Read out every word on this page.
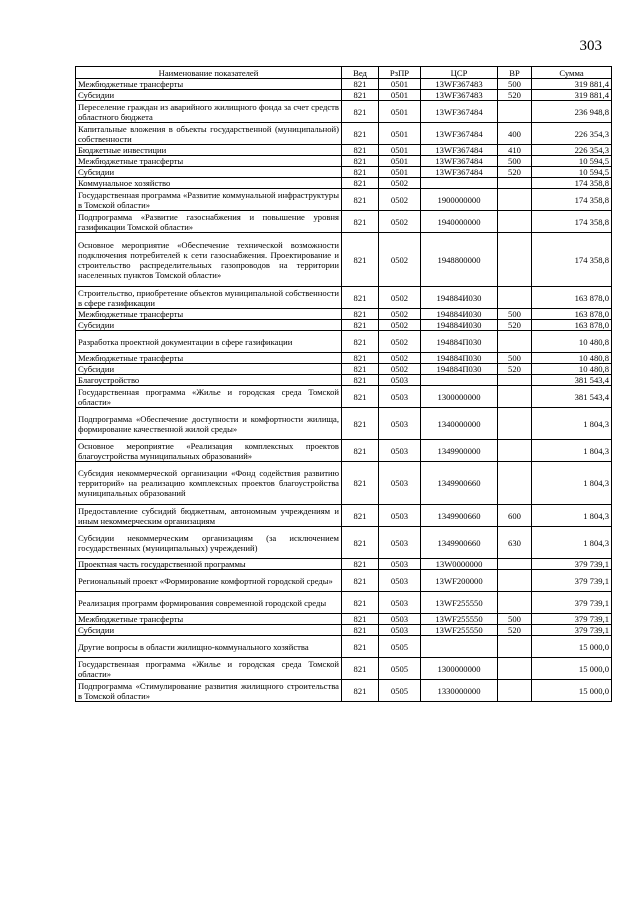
303
Наименование показателей	Вед	РзПР	ЦСР	ВР	Сумма
Межбюджетные трансферты	821	0501	13WF367483	500	319 881,4
Субсидии	821	0501	13WF367483	520	319 881,4
Переселение граждан из аварийного жилищного фонда за счет средств областного бюджета	821	0501	13WF367484		236 948,8
Капитальные вложения в объекты государственной (муниципальной) собственности	821	0501	13WF367484	400	226 354,3
Бюджетные инвестиции	821	0501	13WF367484	410	226 354,3
Межбюджетные трансферты	821	0501	13WF367484	500	10 594,5
Субсидии	821	0501	13WF367484	520	10 594,5
Коммунальное хозяйство	821	0502			174 358,8
Государственная программа «Развитие коммунальной инфраструктуры в Томской области»	821	0502	1900000000		174 358,8
Подпрограмма «Развитие газоснабжения и повышение уровня газификации Томской области»	821	0502	1940000000		174 358,8
Основное мероприятие «Обеспечение технической возможности подключения потребителей к сети газоснабжения. Проектирование и строительство распределительных газопроводов на территории населенных пунктов Томской области»	821	0502	1948800000		174 358,8
Строительство, приобретение объектов муниципальной собственности в сфере газификации	821	0502	194884И030		163 878,0
Межбюджетные трансферты	821	0502	194884И030	500	163 878,0
Субсидии	821	0502	194884И030	520	163 878,0
Разработка проектной документации в сфере газификации	821	0502	194884П030		10 480,8
Межбюджетные трансферты	821	0502	194884П030	500	10 480,8
Субсидии	821	0502	194884П030	520	10 480,8
Благоустройство	821	0503			381 543,4
Государственная программа «Жилье и городская среда Томской области»	821	0503	1300000000		381 543,4
Подпрограмма «Обеспечение доступности и комфортности жилища, формирование качественной жилой среды»	821	0503	1340000000		1 804,3
Основное мероприятие «Реализация комплексных проектов благоустройства муниципальных образований»	821	0503	1349900000		1 804,3
Субсидия некоммерческой организации «Фонд содействия развитию территорий» на реализацию комплексных проектов благоустройства муниципальных образований	821	0503	1349900660		1 804,3
Предоставление субсидий бюджетным, автономным учреждениям и иным некоммерческим организациям	821	0503	1349900660	600	1 804,3
Субсидии некоммерческим организациям (за исключением государственных (муниципальных) учреждений)	821	0503	1349900660	630	1 804,3
Проектная часть государственной программы	821	0503	13W0000000		379 739,1
Региональный проект «Формирование комфортной городской среды»	821	0503	13WF200000		379 739,1
Реализация программ формирования современной городской среды	821	0503	13WF255550		379 739,1
Межбюджетные трансферты	821	0503	13WF255550	500	379 739,1
Субсидии	821	0503	13WF255550	520	379 739,1
Другие вопросы в области жилищно-коммунального хозяйства	821	0505			15 000,0
Государственная программа «Жилье и городская среда Томской области»	821	0505	1300000000		15 000,0
Подпрограмма «Стимулирование развития жилищного строительства в Томской области»	821	0505	1330000000		15 000,0
